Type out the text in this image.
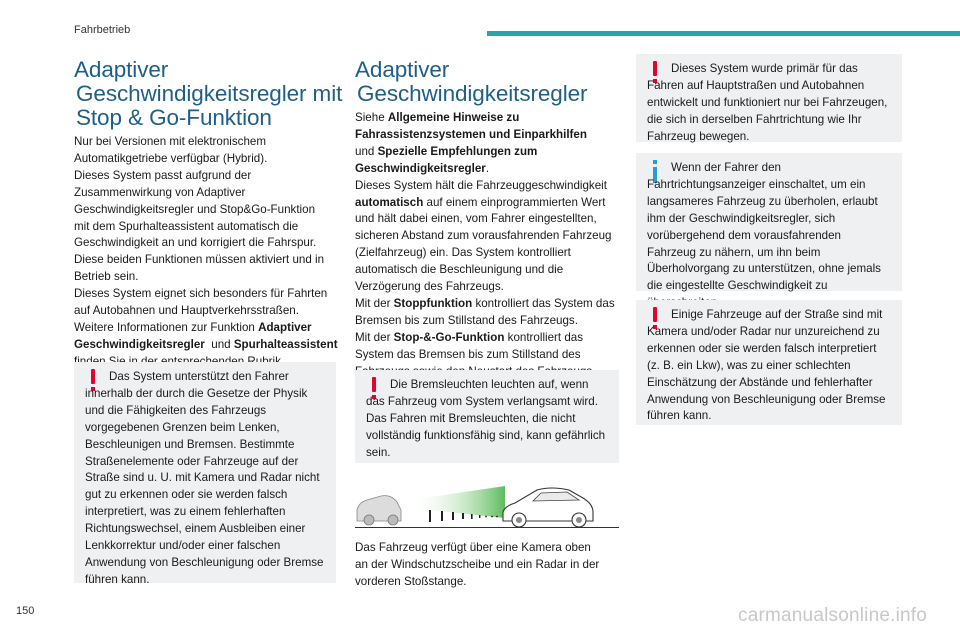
Fahrbetrieb
Adaptiver
Geschwindigkeitsregler mit
Stop & Go-Funktion

Nur bei Versionen mit elektronischem
Automatikgetriebe verfügbar (Hybrid).
Dieses System passt aufgrund der
Zusammenwirkung von Adaptiver
Geschwindigkeitsregler und Stop&Go-Funktion
mit dem Spurhalteassistent automatisch die
Geschwindigkeit an und korrigiert die Fahrspur.
Diese beiden Funktionen müssen aktiviert und in
Betrieb sein.
Dieses System eignet sich besonders für Fahrten
auf Autobahnen und Hauptverkehrsstraßen.
Weitere Informationen zur Funktion Adaptiver
Geschwindigkeitsregler  und Spurhalteassistent

Das System unterstützt den Fahrer innerhalb der durch die Gesetze der Physik und die Fähigkeiten des Fahrzeugs vorgegebenen Grenzen beim Lenken, Beschleunigen und Bremsen. Bestimmte Straßenelemente oder Fahrzeuge auf der Straße sind u. U. mit Kamera und Radar nicht gut zu erkennen oder sie werden falsch interpretiert, was zu einem fehlerhaften Richtungswechsel, einem Ausbleiben einer Lenkkorrektur und/oder einer falschen Anwendung von Beschleunigung oder Bremse führen kann.
Adaptiver
Geschwindigkeitsregler

Siehe Allgemeine Hinweise zu
Fahrassistenzsystemen und Einparkhilfen
und Spezielle Empfehlungen zum
Geschwindigkeitsregler.
Dieses System hält die Fahrzeuggeschwindigkeit
automatisch auf einem einprogrammierten Wert
und hält dabei einen, vom Fahrer eingestellten,
sicheren Abstand zum vorausfahrenden Fahrzeug
(Zielfahrzeug) ein. Das System kontrolliert
automatisch die Beschleunigung und die
Verzögerung des Fahrzeugs.
Mit der Stoppfunktion kontrolliert das System das
Bremsen bis zum Stillstand des Fahrzeugs.
Mit der Stop-&-Go-Funktion kontrolliert das
System das Bremsen bis zum Stillstand des

Die Bremsleuchten leuchten auf, wenn das Fahrzeug vom System verlangsamt wird. Das Fahren mit Bremsleuchten, die nicht vollständig funktionsfähig sind, kann gefährlich sein.

Das Fahrzeug verfügt über eine Kamera oben
an der Windschutzscheibe und ein Radar in der
vorderen Stoßstange.

Dieses System wurde primär für das Fahren auf Hauptstraßen und Autobahnen entwickelt und funktioniert nur bei Fahrzeugen, die sich in derselben Fahrtrichtung wie Ihr Fahrzeug bewegen.
Wenn der Fahrer den Fahrtrichtungsanzeiger einschaltet, um ein langsameres Fahrzeug zu überholen, erlaubt ihm der Geschwindigkeitsregler, sich vorübergehend dem vorausfahrenden Fahrzeug zu nähern, um ihn beim Überholvorgang zu unterstützen, ohne jemals die eingestellte Geschwindigkeit zu
Einige Fahrzeuge auf der Straße sind mit Kamera und/oder Radar nur unzureichend zu erkennen oder sie werden falsch interpretiert (z. B. ein Lkw), was zu einer schlechten Einschätzung der Abstände und fehlerhafter Anwendung von Beschleunigung oder Bremse führen kann.
150	carmanualsonline.info
